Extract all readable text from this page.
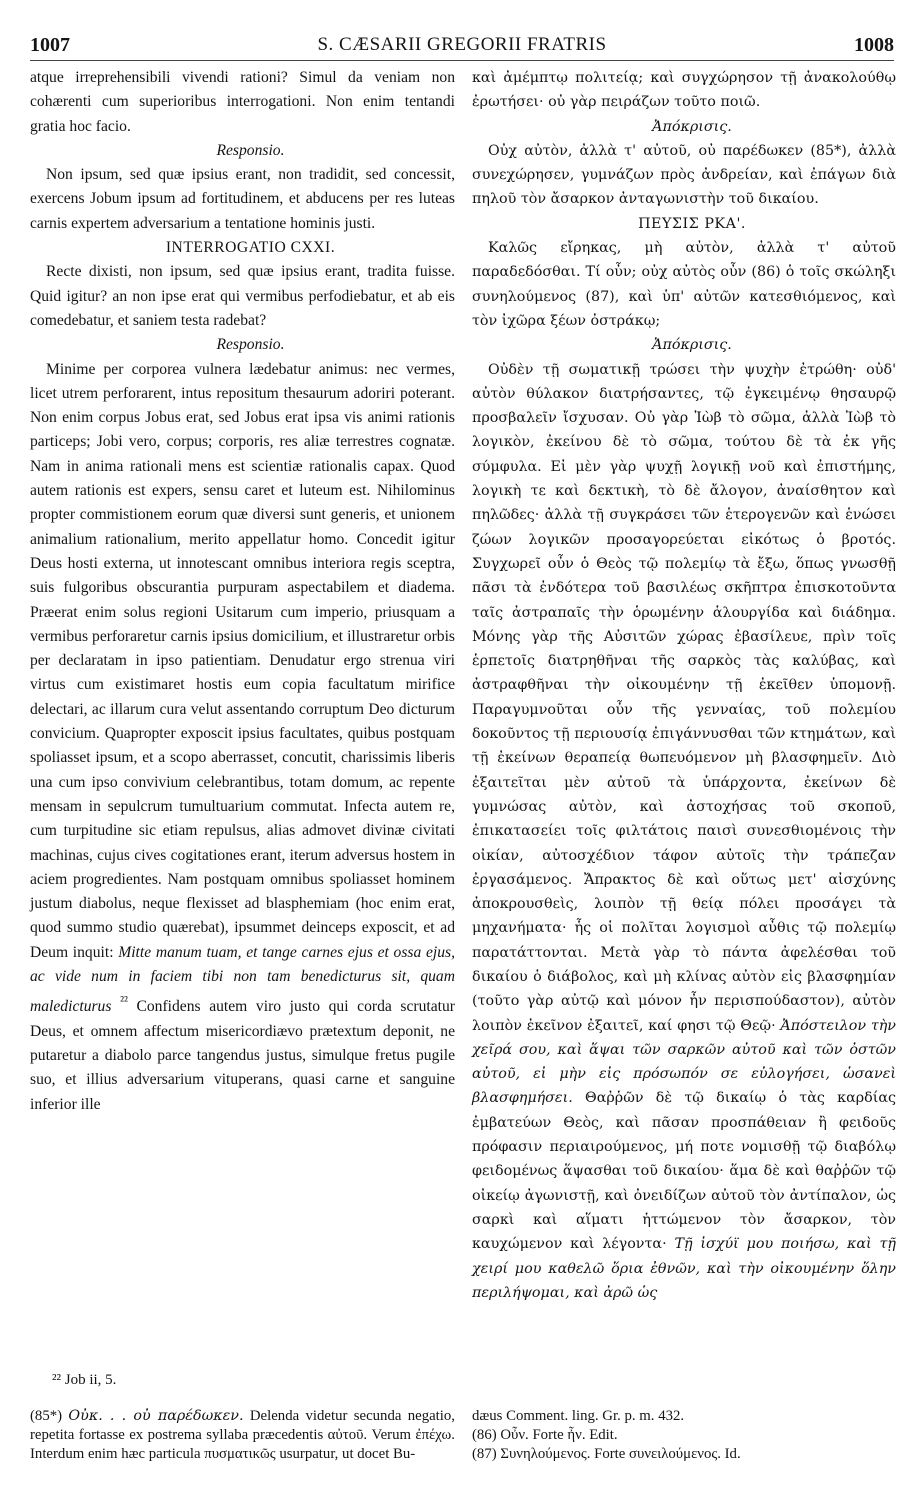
1007	S. CÆSARII GREGORII FRATRIS	1008

atque irreprehensibili vivendi rationi? Simul da veniam non cohærenti cum superioribus interrogationi. Non enim tentandi gratia hoc facio.

Responsio.

Non ipsum, sed quæ ipsius erant, non tradidit, sed concessit, exercens Jobum ipsum ad fortitudinem, et abducens per res luteas carnis expertem adversarium a tentatione hominis justi.

INTERROGATIO CXXI.

Recte dixisti, non ipsum, sed quæ ipsius erant, tradita fuisse. Quid igitur? an non ipse erat qui vermibus perfodiebatur, et ab eis comedebatur, et saniem testa radebat?

Responsio.

Minime per corporea vulnera lædebatur animus: nec vermes, licet utrem perforarent, intus repositum thesaurum adoriri poterant. Non enim corpus Jobus erat, sed Jobus erat ipsa vis animi rationis particeps; Jobi vero, corpus; corporis, res aliæ terrestres cognatæ. Nam in anima rationali mens est scientiæ rationalis capax. Quod autem rationis est expers, sensu caret et luteum est. Nihilominus propter commistionem eorum quæ diversi sunt generis, et unionem animalium rationalium, merito appellatur homo. Concedit igitur Deus hosti externa, ut innotescant omnibus interiora regis sceptra, suis fulgoribus obscurantia purpuram aspectabilem et diadema. Præerat enim solus regioni Usitarum cum imperio, priusquam a vermibus perforaretur carnis ipsius domicilium, et illustraretur orbis per declaratam in ipso patientiam. Denudatur ergo strenua viri virtus cum existimaret hostis eum copia facultatum mirifice delectari, ac illarum cura velut assentando corruptum Deo dicturum convicium. Quapropter exposcit ipsius facultates, quibus postquam spoliasset ipsum, et a scopo aberrasset, concutit, charissimis liberis una cum ipso convivium celebrantibus, totam domum, ac repente mensam in sepulcrum tumultuarium commutat. Infecta autem re, cum turpitudine sic etiam repulsus, alias admovet divinæ civitati machinas, cujus cives cogitationes erant, iterum adversus hostem in aciem progredientes. Nam postquam omnibus spoliasset hominem justum diabolus, neque flexisset ad blasphemiam (hoc enim erat, quod summo studio quærebat), ipsummet deinceps exposcit, et ad Deum inquit: Mitte manum tuam, et tange carnes ejus et ossa ejus, ac vide num in faciem tibi non tam benedicturus sit, quam maledicturus $^{^{22}}$ Confidens autem viro justo qui corda scrutatur Deus, et omnem affectum misericordiævo prætextum deponit, ne putaretur a diabolo parce tangendus justus, simulque fretus pugile suo, et illius adversarium vituperans, quasi carne et sanguine inferior ille

καὶ ἀμέμπτῳ πολιτείᾳ; καὶ συγχώρησον τῇ ἀνακολούθῳ ἐρωτήσει· οὐ γὰρ πειράζων τοῦτο ποιῶ.

Ἀπόκρισις.

Οὐχ αὐτὸν, ἀλλὰ τ' αὐτοῦ, οὐ παρέδωκεν (85*), ἀλλὰ συνεχώρησεν, γυμνάζων πρὸς ἀνδρείαν, καὶ ἐπάγων διὰ πηλοῦ τὸν ἄσαρκον ἀνταγωνιστὴν τοῦ δικαίου.

ΠΕΥΣΙΣ ΡΚΑ'.

Καλῶς εἴρηκας, μὴ αὐτὸν, ἀλλὰ τ' αὐτοῦ παραδεδόσθαι. Τί οὖν; οὐχ αὐτὸς οὖν (86) ὁ τοῖς σκώληξι συνηλούμενος (87), καὶ ὑπ' αὐτῶν κατεσθιόμενος, καὶ τὸν ἰχῶρα ξέων ὀστράκῳ;

Ἀπόκρισις.

Οὐδὲν τῇ σωματικῇ τρώσει τὴν ψυχὴν ἐτρώθη· οὐδ' αὐτὸν θύλακον διατρήσαντες, τῷ ἐγκειμένῳ θησαυρῷ προσβαλεῖν ἴσχυσαν. Οὐ γὰρ Ἰὼβ τὸ σῶμα, ἀλλὰ Ἰὼβ τὸ λογικὸν, ἐκείνου δὲ τὸ σῶμα, τούτου δὲ τὰ ἐκ γῆς σύμφυλα. Εἰ μὲν γὰρ ψυχῇ λογικῇ νοῦ καὶ ἐπιστήμης, λογικὴ τε καὶ δεκτικὴ, τὸ δὲ ἄλογον, ἀναίσθητον καὶ πηλῶδες· ἀλλὰ τῇ συγκράσει τῶν ἑτερογενῶν καὶ ἑνώσει ζώων λογικῶν προσαγορεύεται εἰκότως ὁ βροτός. Συγχωρεῖ οὖν ὁ Θεὸς τῷ πολεμίῳ τὰ ἔξω, ὅπως γνωσθῇ πᾶσι τὰ ἐνδότερα τοῦ βασιλέως σκῆπτρα ἐπισκοτοῦντα ταῖς ἀστραπαῖς τὴν ὁρωμένην ἁλουργίδα καὶ διάδημα. Μόνης γὰρ τῆς Αὐσιτῶν χώρας ἐβασίλευε, πρὶν τοῖς ἑρπετοῖς διατρηθῆναι τῆς σαρκὸς τὰς καλύβας, καὶ ἀστραφθῆναι τὴν οἰκουμένην τῇ ἐκεῖθεν ὑπομονῇ. Παραγυμνοῦται οὖν τῆς γενναίας, τοῦ πολεμίου δοκοῦντος τῇ περιουσίᾳ ἐπιγάννυσθαι τῶν κτημάτων, καὶ τῇ ἐκείνων θεραπείᾳ θωπευόμενον μὴ βλασφημεῖν. Διὸ ἐξαιτεῖται μὲν αὐτοῦ τὰ ὑπάρχοντα, ἐκείνων δὲ γυμνώσας αὐτὸν, καὶ ἀστοχήσας τοῦ σκοποῦ, ἐπικατασείει τοῖς φιλτάτοις παισὶ συνεσθιομένοις τὴν οἰκίαν, αὐτοσχέδιον τάφον αὐτοῖς τὴν τράπεζαν ἐργασάμενος. Ἄπρακτος δὲ καὶ οὕτως μετ' αἰσχύνης ἀποκρουσθεὶς, λοιπὸν τῇ θείᾳ πόλει προσάγει τὰ μηχανήματα· ἧς οἱ πολῖται λογισμοὶ αὖθις τῷ πολεμίῳ παρατάττονται. Μετὰ γὰρ τὸ πάντα ἀφελέσθαι τοῦ δικαίου ὁ διάβολος, καὶ μὴ κλίνας αὐτὸν εἰς βλασφημίαν (τοῦτο γὰρ αὐτῷ καὶ μόνον ἦν περισπούδαστον), αὐτὸν λοιπὸν ἐκεῖνον ἐξαιτεῖ, καί φησι τῷ Θεῷ· Ἀπόστειλον τὴν χεῖρά σου, καὶ ἅψαι τῶν σαρκῶν αὐτοῦ καὶ τῶν ὀστῶν αὐτοῦ, εἰ μὴν εἰς πρόσωπόν σε εὐλογήσει, ὡσανεὶ βλασφημήσει. Θαῤῥῶν δὲ τῷ δικαίῳ ὁ τὰς καρδίας ἐμβατεύων Θεὸς, καὶ πᾶσαν προσπάθειαν ἢ φειδοῦς πρόφασιν περιαιρούμενος, μή ποτε νομισθῇ τῷ διαβόλῳ φειδομένως ἅψασθαι τοῦ δικαίου· ἅμα δὲ καὶ θαῤῥῶν τῷ οἰκείῳ ἀγωνιστῇ, καὶ ὀνειδίζων αὐτοῦ τὸν ἀντίπαλον, ὡς σαρκὶ καὶ αἵματι ἡττώμενον τὸν ἄσαρκον, τὸν καυχώμενον καὶ λέγοντα· Τῇ ἰσχύϊ μου ποιήσω, καὶ τῇ χειρί μου καθελῶ ὅρια ἐθνῶν, καὶ τὴν οἰκουμένην ὅλην περιλήψομαι, καὶ ἀρῶ ὡς

²² Job ii, 5.

(85*) Οὐκ. . . οὐ παρέδωκεν. Delenda videtur secunda negatio, repetita fortasse ex postrema syllaba præcedentis αὐτοῦ. Verum ἐπέχω. Interdum enim hæc particula πυσματικῶς usurpatur, ut docet Bu-

dæus Comment. ling. Gr. p. m. 432.

(86) Οὖν. Forte ἦν. Edit.

(87) Συνηλούμενος. Forte συνειλούμενος. Id.
